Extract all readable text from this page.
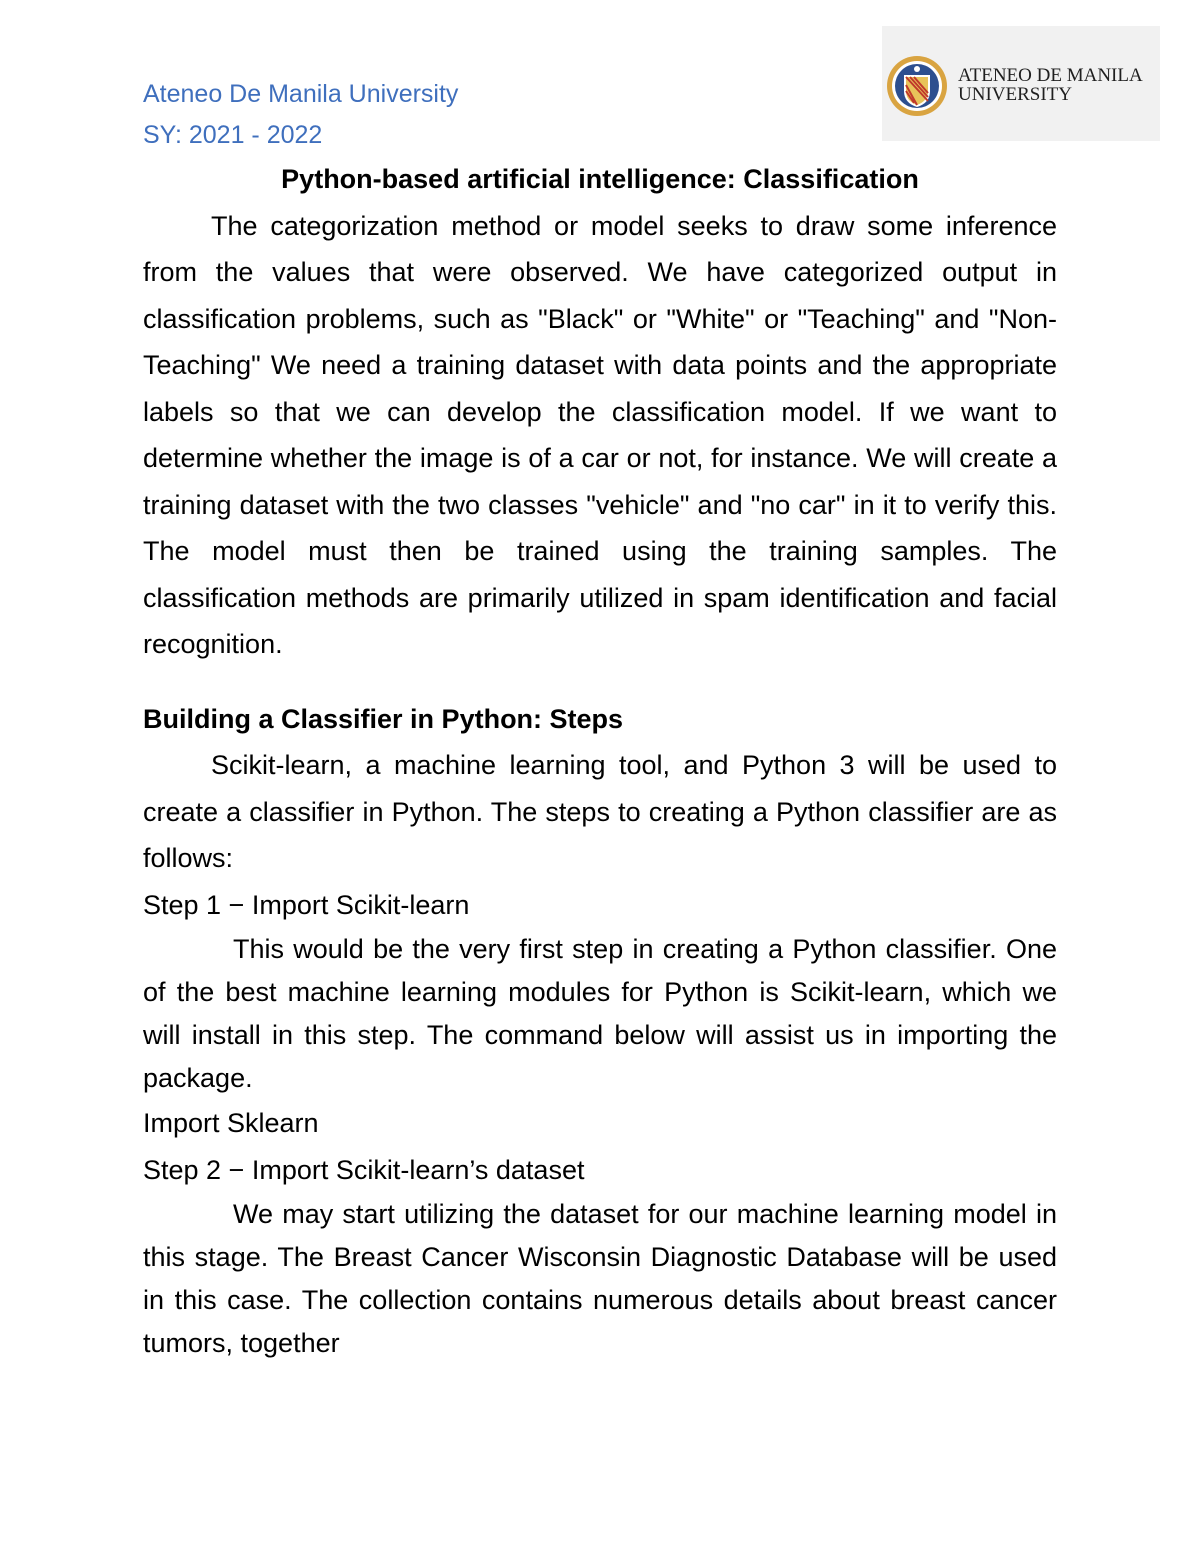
Ateneo De Manila University
SY: 2021 - 2022
ATENEO DE MANILA
UNIVERSITY

Python-based artificial intelligence: Classification

The categorization method or model seeks to draw some inference from the values that were observed. We have categorized output in classification problems, such as "Black" or "White" or "Teaching" and "Non-Teaching" We need a training dataset with data points and the appropriate labels so that we can develop the classification model. If we want to determine whether the image is of a car or not, for instance. We will create a training dataset with the two classes "vehicle" and "no car" in it to verify this. The model must then be trained using the training samples. The classification methods are primarily utilized in spam identification and facial recognition.

Building a Classifier in Python: Steps

Scikit-learn, a machine learning tool, and Python 3 will be used to create a classifier in Python. The steps to creating a Python classifier are as follows:

Step 1 − Import Scikit-learn

This would be the very first step in creating a Python classifier. One of the best machine learning modules for Python is Scikit-learn, which we will install in this step. The command below will assist us in importing the package.

Import Sklearn

Step 2 − Import Scikit-learn’s dataset

We may start utilizing the dataset for our machine learning model in this stage. The Breast Cancer Wisconsin Diagnostic Database will be used in this case. The collection contains numerous details about breast cancer tumors, together
